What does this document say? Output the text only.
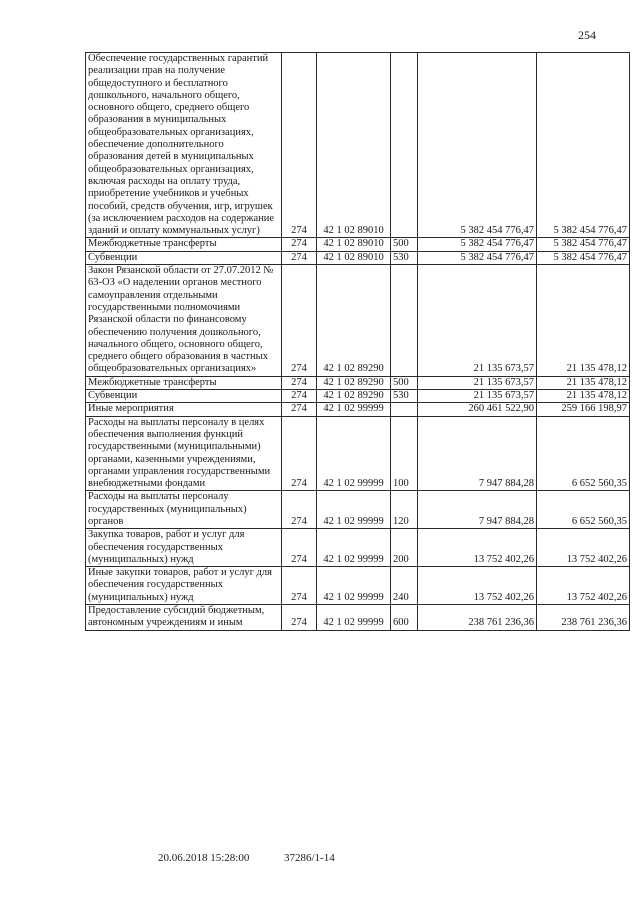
254
Обеспечение государственных гарантий реализации прав на получение общедоступного и бесплатного дошкольного, начального общего, основного общего, среднего общего образования в муниципальных общеобразовательных организациях, обеспечение дополнительного образования детей в муниципальных общеобразовательных организациях, включая расходы на оплату труда, приобретение учебников и учебных пособий, средств обучения, игр, игрушек (за исключением расходов на содержание зданий и оплату коммунальных услуг)	274	42 1 02 89010		5 382 454 776,47	5 382 454 776,47
Межбюджетные трансферты	274	42 1 02 89010	500	5 382 454 776,47	5 382 454 776,47
Субвенции	274	42 1 02 89010	530	5 382 454 776,47	5 382 454 776,47
Закон Рязанской области от 27.07.2012 № 63-ОЗ «О наделении органов местного самоуправления отдельными государственными полномочиями Рязанской области по финансовому обеспечению получения дошкольного, начального общего, основного общего, среднего общего образования в частных общеобразовательных организациях»	274	42 1 02 89290		21 135 673,57	21 135 478,12
Межбюджетные трансферты	274	42 1 02 89290	500	21 135 673,57	21 135 478,12
Субвенции	274	42 1 02 89290	530	21 135 673,57	21 135 478,12
Иные мероприятия	274	42 1 02 99999		260 461 522,90	259 166 198,97
Расходы на выплаты персоналу в целях обеспечения выполнения функций государственными (муниципальными) органами, казенными учреждениями, органами управления государственными внебюджетными фондами	274	42 1 02 99999	100	7 947 884,28	6 652 560,35
Расходы на выплаты персоналу государственных (муниципальных) органов	274	42 1 02 99999	120	7 947 884,28	6 652 560,35
Закупка товаров, работ и услуг для обеспечения государственных (муниципальных) нужд	274	42 1 02 99999	200	13 752 402,26	13 752 402,26
Иные закупки товаров, работ и услуг для обеспечения государственных (муниципальных) нужд	274	42 1 02 99999	240	13 752 402,26	13 752 402,26
Предоставление субсидий бюджетным, автономным учреждениям и иным	274	42 1 02 99999	600	238 761 236,36	238 761 236,36
20.06.2018 15:28:00	37286/1-14
